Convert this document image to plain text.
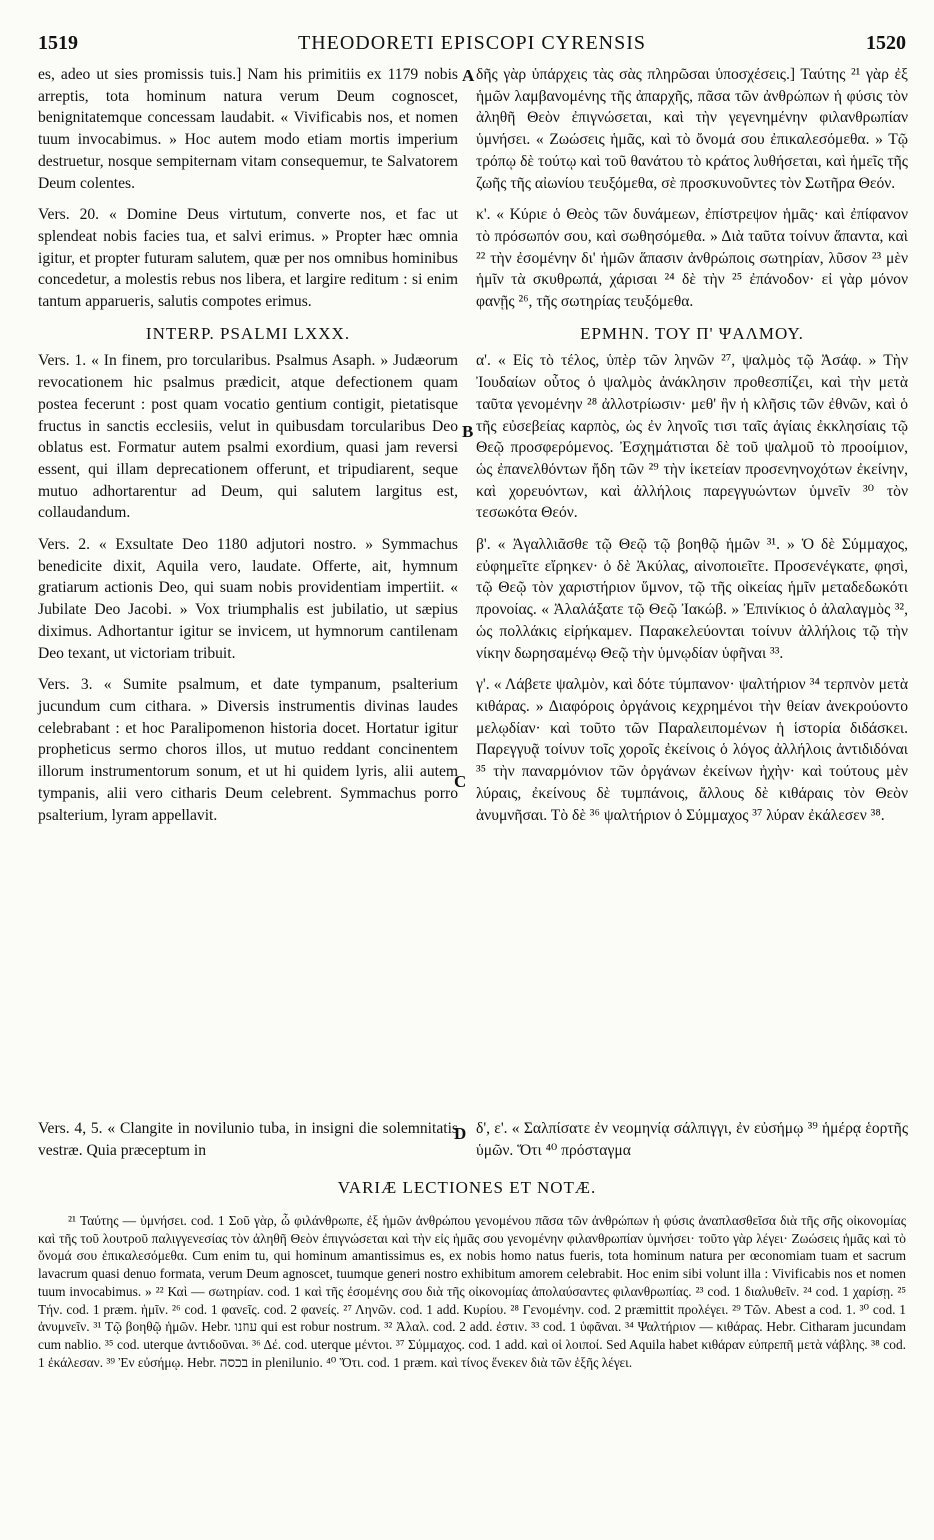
1519	THEODORETI EPISCOPI CYRENSIS	1520
A
B
C
D

es, adeo ut sies promissis tuis.] Nam his primitiis ex 1179 nobis arreptis, tota hominum natura verum Deum cognoscet, benignitatemque concessam laudabit. « Vivificabis nos, et nomen tuum invocabimus. » Hoc autem modo etiam mortis imperium destruetur, nosque sempiternam vitam consequemur, te Salvatorem Deum colentes.

Vers. 20. « Domine Deus virtutum, converte nos, et fac ut splendeat nobis facies tua, et salvi erimus. » Propter hæc omnia igitur, et propter futuram salutem, quæ per nos omnibus hominibus concedetur, a molestis rebus nos libera, et largire reditum : si enim tantum apparueris, salutis compotes erimus.

INTERP. PSALMI LXXX.

Vers. 1. « In finem, pro torcularibus. Psalmus Asaph. » Judæorum revocationem hic psalmus prædicit, atque defectionem quam postea fecerunt : post quam vocatio gentium contigit, pietatisque fructus in sanctis ecclesiis, velut in quibusdam torcularibus Deo oblatus est. Formatur autem psalmi exordium, quasi jam reversi essent, qui illam deprecationem offerunt, et tripudiarent, seque mutuo adhortarentur ad Deum, qui salutem largitus est, collaudandum.

Vers. 2. « Exsultate Deo 1180 adjutori nostro. » Symmachus benedicite dixit, Aquila vero, laudate. Offerte, ait, hymnum gratiarum actionis Deo, qui suam nobis providentiam impertiit. « Jubilate Deo Jacobi. » Vox triumphalis est jubilatio, ut sæpius diximus. Adhortantur igitur se invicem, ut hymnorum cantilenam Deo texant, ut victoriam tribuit.

Vers. 3. « Sumite psalmum, et date tympanum, psalterium jucundum cum cithara. » Diversis instrumentis divinas laudes celebrabant : et hoc Paralipomenon historia docet. Hortatur igitur propheticus sermo choros illos, ut mutuo reddant concinentem illorum instrumentorum sonum, et ut hi quidem lyris, alii autem tympanis, alii vero citharis Deum celebrent. Symmachus porro psalterium, lyram appellavit.

δῆς γὰρ ὑπάρχεις τὰς σὰς πληρῶσαι ὑποσχέσεις.] Ταύτης ²¹ γὰρ ἐξ ἡμῶν λαμβανομένης τῆς ἀπαρχῆς, πᾶσα τῶν ἀνθρώπων ἡ φύσις τὸν ἀληθῆ Θεὸν ἐπιγνώσεται, καὶ τὴν γεγενημένην φιλανθρωπίαν ὑμνήσει. « Ζωώσεις ἡμᾶς, καὶ τὸ ὄνομά σου ἐπικαλεσόμεθα. » Τῷ τρόπῳ δὲ τούτῳ καὶ τοῦ θανάτου τὸ κράτος λυθήσεται, καὶ ἡμεῖς τῆς ζωῆς τῆς αἰωνίου τευξόμεθα, σὲ προσκυνοῦντες τὸν Σωτῆρα Θεόν.

κ'. « Κύριε ὁ Θεὸς τῶν δυνάμεων, ἐπίστρεψον ἡμᾶς· καὶ ἐπίφανον τὸ πρόσωπόν σου, καὶ σωθησόμεθα. » Διὰ ταῦτα τοίνυν ἅπαντα, καὶ ²² τὴν ἐσομένην δι' ἡμῶν ἅπασιν ἀνθρώποις σωτηρίαν, λῦσον ²³ μὲν ἡμῖν τὰ σκυθρωπά, χάρισαι ²⁴ δὲ τὴν ²⁵ ἐπάνοδον· εἰ γὰρ μόνον φανῇς ²⁶, τῆς σωτηρίας τευξόμεθα.

ΕΡΜΗΝ. ΤΟΥ Π' ΨΑΛΜΟΥ.

α'. « Εἰς τὸ τέλος, ὑπὲρ τῶν ληνῶν ²⁷, ψαλμὸς τῷ Ἀσάφ. » Τὴν Ἰουδαίων οὗτος ὁ ψαλμὸς ἀνάκλησιν προθεσπίζει, καὶ τὴν μετὰ ταῦτα γενομένην ²⁸ ἀλλοτρίωσιν· μεθ' ἣν ἡ κλῆσις τῶν ἐθνῶν, καὶ ὁ τῆς εὐσεβείας καρπὸς, ὡς ἐν ληνοῖς τισι ταῖς ἁγίαις ἐκκλησίαις τῷ Θεῷ προσφερόμενος. Ἐσχημάτισται δὲ τοῦ ψαλμοῦ τὸ προοίμιον, ὡς ἐπανελθόντων ἤδη τῶν ²⁹ τὴν ἱκετείαν προσενηνοχότων ἐκείνην, καὶ χορευόντων, καὶ ἀλλήλοις παρεγγυώντων ὑμνεῖν ³⁰ τὸν τεσωκότα Θεόν.

β'. « Ἀγαλλιᾶσθε τῷ Θεῷ τῷ βοηθῷ ἡμῶν ³¹. » Ὁ δὲ Σύμμαχος, εὐφημεῖτε εἴρηκεν· ὁ δὲ Ἀκύλας, αἰνοποιεῖτε. Προσενέγκατε, φησὶ, τῷ Θεῷ τὸν χαριστήριον ὕμνον, τῷ τῆς οἰκείας ἡμῖν μεταδεδωκότι προνοίας. « Ἀλαλάξατε τῷ Θεῷ Ἰακώβ. » Ἐπινίκιος ὁ ἀλαλαγμὸς ³², ὡς πολλάκις εἰρήκαμεν. Παρακελεύονται τοίνυν ἀλλήλοις τῷ τὴν νίκην δωρησαμένῳ Θεῷ τὴν ὑμνῳδίαν ὑφῆναι ³³.

γ'. « Λάβετε ψαλμὸν, καὶ δότε τύμπανον· ψαλτήριον ³⁴ τερπνὸν μετὰ κιθάρας. » Διαφόροις ὀργάνοις κεχρημένοι τὴν θείαν ἀνεκρούοντο μελῳδίαν· καὶ τοῦτο τῶν Παραλειπομένων ἡ ἱστορία διδάσκει. Παρεγγυᾷ τοίνυν τοῖς χοροῖς ἐκείνοις ὁ λόγος ἀλλήλοις ἀντιδιδόναι ³⁵ τὴν παναρμόνιον τῶν ὀργάνων ἐκείνων ἠχὴν· καὶ τούτους μὲν λύραις, ἐκείνους δὲ τυμπάνοις, ἄλλους δὲ κιθάραις τὸν Θεὸν ἀνυμνῆσαι. Τὸ δὲ ³⁶ ψαλτήριον ὁ Σύμμαχος ³⁷ λύραν ἐκάλεσεν ³⁸.

Vers. 4, 5. « Clangite in novilunio tuba, in insigni die solemnitatis vestræ. Quia præceptum in
δ', ε'. « Σαλπίσατε ἐν νεομηνίᾳ σάλπιγγι, ἐν εὐσήμῳ ³⁹ ἡμέρᾳ ἑορτῆς ὑμῶν. Ὅτι ⁴⁰ πρόσταγμα
VARIÆ LECTIONES ET NOTÆ.

²¹ Ταύτης — ὑμνήσει. cod. 1 Σοῦ γὰρ, ὦ φιλάνθρωπε, ἐξ ἡμῶν ἀνθρώπου γενομένου πᾶσα τῶν ἀνθρώπων ἡ φύσις ἀναπλασθεῖσα διὰ τῆς σῆς οἰκονομίας καὶ τῆς τοῦ λουτροῦ παλιγγενεσίας τὸν ἀληθῆ Θεὸν ἐπιγνώσεται καὶ τὴν εἰς ἡμᾶς σου γενομένην φιλανθρωπίαν ὑμνήσει· τοῦτο γὰρ λέγει· Ζωώσεις ἡμᾶς καὶ τὸ ὄνομά σου ἐπικαλεσόμεθα. Cum enim tu, qui hominum amantissimus es, ex nobis homo natus fueris, tota hominum natura per œconomiam tuam et sacrum lavacrum quasi denuo formata, verum Deum agnoscet, tuumque generi nostro exhibitum amorem celebrabit. Hoc enim sibi volunt illa : Vivificabis nos et nomen tuum invocabimus. » ²² Καὶ — σωτηρίαν. cod. 1 καὶ τῆς ἐσομένης σου διὰ τῆς οἰκονομίας ἀπολαύσαντες φιλανθρωπίας. ²³ cod. 1 διαλυθεῖν. ²⁴ cod. 1 χαρίσῃ. ²⁵ Τήν. cod. 1 præm. ἡμῖν. ²⁶ cod. 1 φανεῖς. cod. 2 φανείς. ²⁷ Ληνῶν. cod. 1 add. Κυρίου. ²⁸ Γενομένην. cod. 2 præmittit προλέγει. ²⁹ Τῶν. Abest a cod. 1. ³⁰ cod. 1 ἀνυμνεῖν. ³¹ Τῷ βοηθῷ ἡμῶν. Hebr. עוזנו qui est robur nostrum. ³² Ἀλαλ. cod. 2 add. ἐστιν. ³³ cod. 1 ὑφᾶναι. ³⁴ Ψαλτήριον — κιθάρας. Hebr. Citharam jucundam cum nablio. ³⁵ cod. uterque ἀντιδοῦναι. ³⁶ Δέ. cod. uterque μέντοι. ³⁷ Σύμμαχος. cod. 1 add. καὶ οἱ λοιποί. Sed Aquila habet κιθάραν εὐπρεπῆ μετὰ νάβλης. ³⁸ cod. 1 ἐκάλεσαν. ³⁹ Ἐν εὐσήμῳ. Hebr. בכסה in plenilunio. ⁴⁰ Ὅτι. cod. 1 præm. καὶ τίνος ἕνεκεν διὰ τῶν ἑξῆς λέγει.
